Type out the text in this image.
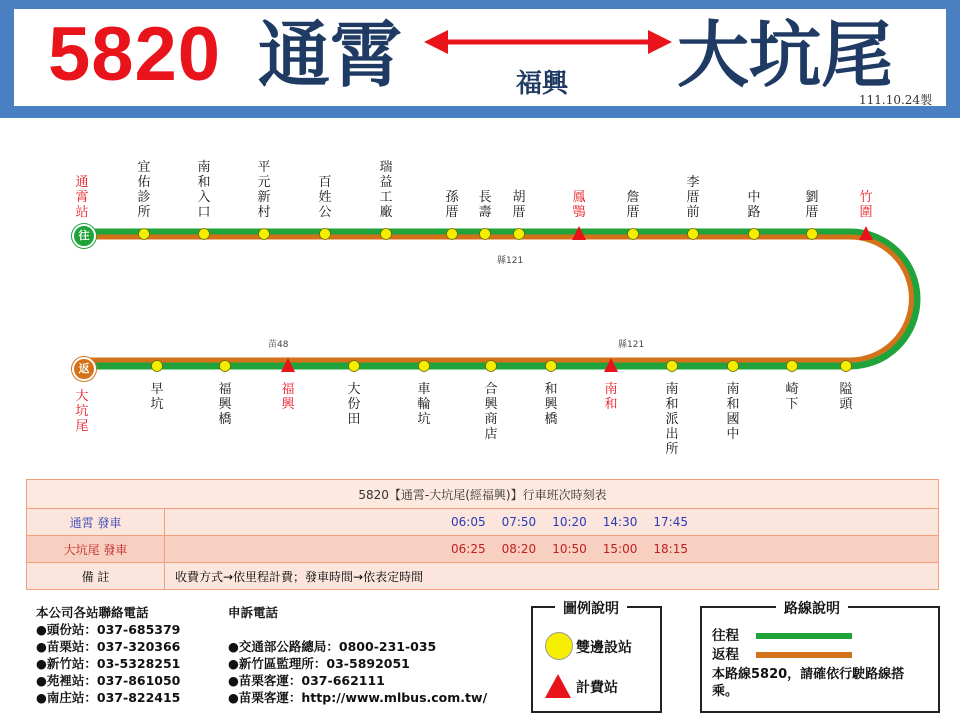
5820 通霄	福興 大坑尾
111.10.24製
往
返
通霄站
大坑尾
宜佑診所
南和入口
平元新村
百姓公
瑞益工廠
孫厝
長壽
胡厝
鳳鶚
詹厝
李厝前
中路
劉厝
竹圍
早坑
福興橋
福興
大份田
車輪坑
合興商店
和興橋
南和
南和派出所
南和國中
崎下
隘頭
縣121
苗48	縣121
5820【通霄-大坑尾(經福興)】行車班次時刻表	
通霄 發車	06:05 07:50 10:20 14:30 17:45
大坑尾 發車	06:25 08:20 10:50 15:00 18:15
備 註	收費方式→依里程計費；發車時間→依表定時間
本公司各站聯絡電話
●頭份站：037-685379
●苗栗站：037-320366
●新竹站：03-5328251
●苑裡站：037-861050
●南庄站：037-822415
申訴電話
●交通部公路總局：0800-231-035
●新竹區監理所：03-5892051
●苗栗客運：037-662111
●苗栗客運：http://www.mlbus.com.tw/
圖例說明
雙邊設站
計費站
路線說明
往程
返程
本路線5820，請確依行駛路線搭乘。
